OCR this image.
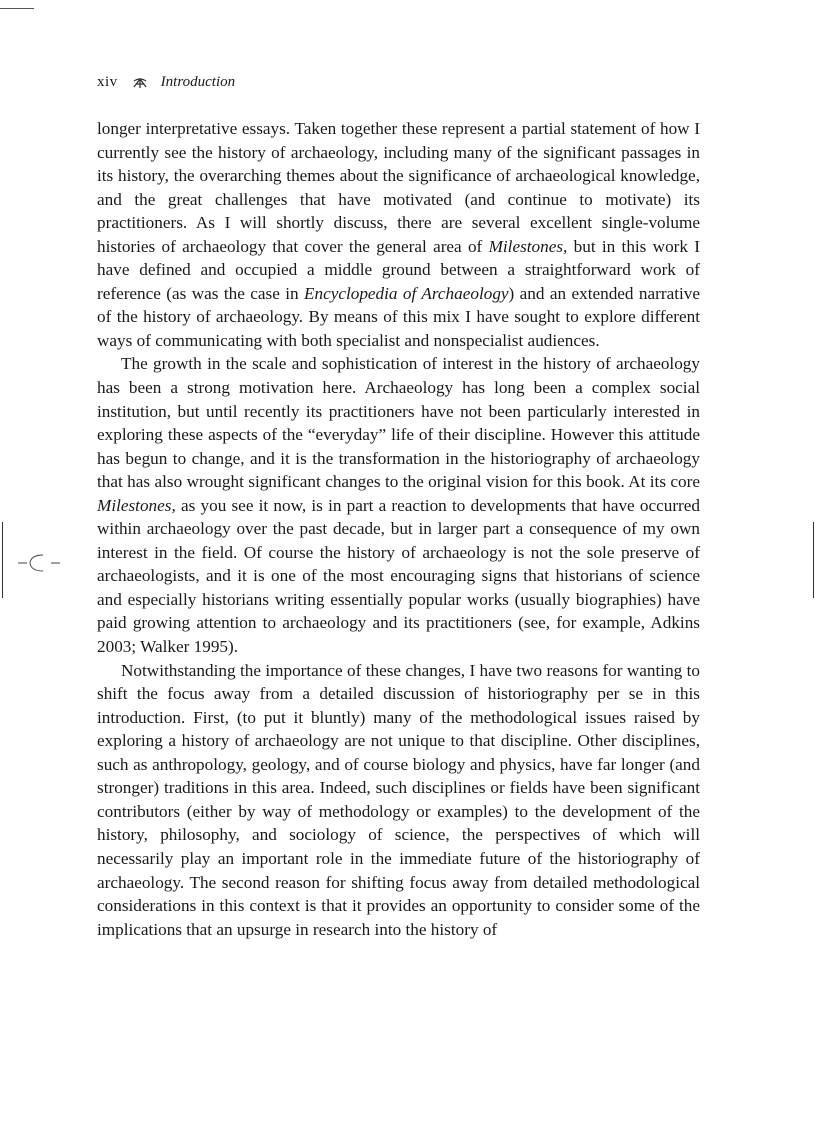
xiv	Introduction

longer interpretative essays. Taken together these represent a partial statement of how I currently see the history of archaeology, including many of the significant passages in its history, the overarching themes about the significance of archaeological knowledge, and the great challenges that have motivated (and continue to motivate) its practitioners. As I will shortly discuss, there are several excellent single-volume histories of archaeology that cover the general area of Milestones, but in this work I have defined and occupied a middle ground between a straightforward work of reference (as was the case in Encyclopedia of Archaeology) and an extended narrative of the history of archaeology. By means of this mix I have sought to explore different ways of communicating with both specialist and nonspecialist audiences.

The growth in the scale and sophistication of interest in the history of archaeology has been a strong motivation here. Archaeology has long been a complex social institution, but until recently its practitioners have not been particularly interested in exploring these aspects of the “everyday” life of their discipline. However this attitude has begun to change, and it is the transformation in the historiography of archaeology that has also wrought significant changes to the original vision for this book. At its core Milestones, as you see it now, is in part a reaction to developments that have occurred within archaeology over the past decade, but in larger part a consequence of my own interest in the field. Of course the history of archaeology is not the sole preserve of archaeologists, and it is one of the most encouraging signs that historians of science and especially historians writing essentially popular works (usually biographies) have paid growing attention to archaeology and its practitioners (see, for example, Adkins 2003; Walker 1995).

Notwithstanding the importance of these changes, I have two reasons for wanting to shift the focus away from a detailed discussion of historiography per se in this introduction. First, (to put it bluntly) many of the methodological issues raised by exploring a history of archaeology are not unique to that discipline. Other disciplines, such as anthropology, geology, and of course biology and physics, have far longer (and stronger) traditions in this area. Indeed, such disciplines or fields have been significant contributors (either by way of methodology or examples) to the development of the history, philosophy, and sociology of science, the perspectives of which will necessarily play an important role in the immediate future of the historiography of archaeology. The second reason for shifting focus away from detailed methodological considerations in this context is that it provides an opportunity to consider some of the implications that an upsurge in research into the history of
